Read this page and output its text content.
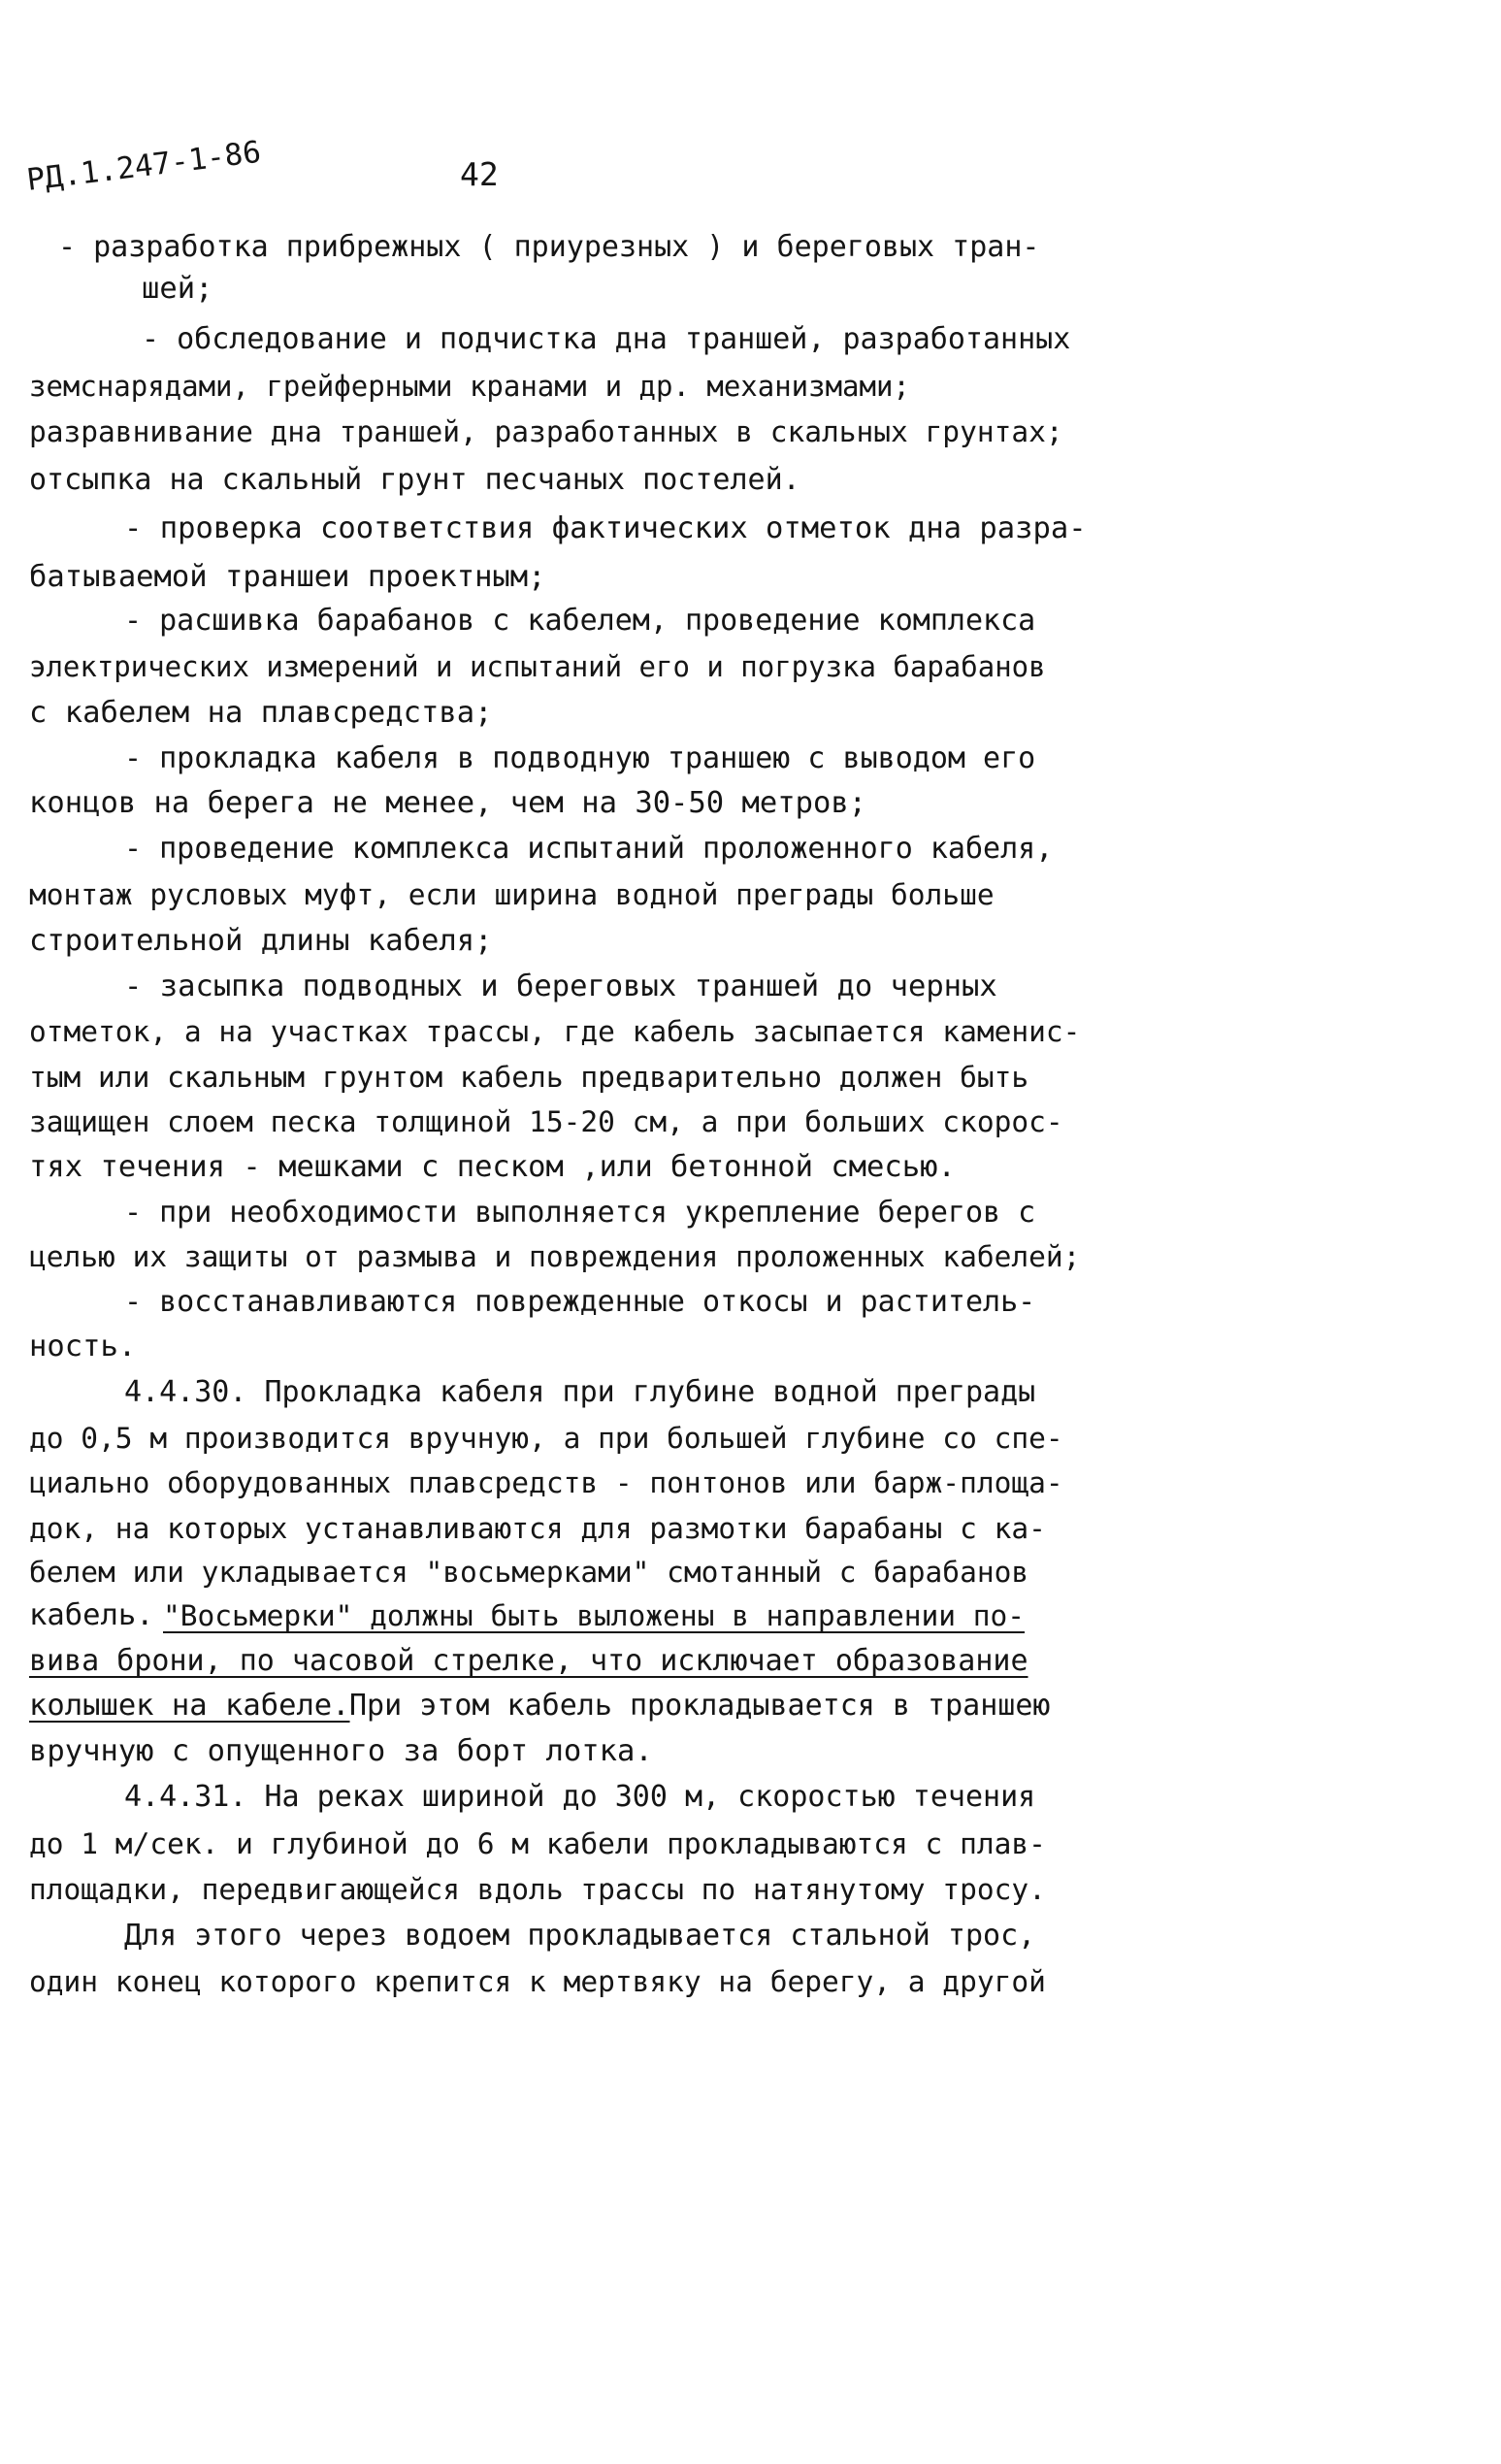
РД.1.247-1-86	42
- разработка прибрежных ( приурезных ) и береговых тран-
шей;
- обследование и подчистка дна траншей, разработанных
земснарядами, грейферными кранами и др. механизмами;
разравнивание дна траншей, разработанных в скальных грунтах;
отсыпка на скальный грунт песчаных постелей.
- проверка соответствия фактических отметок дна разра-
батываемой траншеи проектным;
- расшивка барабанов с кабелем, проведение комплекса
электрических измерений и испытаний его и погрузка барабанов
с кабелем на плавсредства;
- прокладка кабеля в подводную траншею с выводом его
концов на берега не менее, чем на 30-50 метров;
- проведение комплекса испытаний проложенного кабеля,
монтаж русловых муфт, если ширина водной преграды больше
строительной длины кабеля;
- засыпка подводных и береговых траншей до черных
отметок, а на участках трассы, где кабель засыпается каменис-
тым или скальным грунтом кабель предварительно должен быть
защищен слоем песка толщиной 15-20 см, а при больших скорос-
тях течения - мешками с песком ,или бетонной смесью.
- при необходимости выполняется укрепление берегов с
целью их защиты от размыва и повреждения проложенных кабелей;
- восстанавливаются поврежденные откосы и раститель-
ность.
4.4.30. Прокладка кабеля при глубине водной преграды
до 0,5 м производится вручную, а при большей глубине со спе-
циально оборудованных плавсредств - понтонов или барж-площа-
док, на которых устанавливаются для размотки барабаны с ка-
белем или укладывается "восьмерками" смотанный с барабанов
кабель. "Восьмерки" должны быть выложены в направлении по-
вива брони, по часовой стрелке, что исключает образование
колышек на кабеле. При этом кабель прокладывается в траншею
вручную с опущенного за борт лотка.
4.4.31. На реках шириной до 300 м, скоростью течения
до 1 м/сек. и глубиной до 6 м кабели прокладываются с плав-
площадки, передвигающейся вдоль трассы по натянутому тросу.
Для этого через водоем прокладывается стальной трос,
один конец которого крепится к мертвяку на берегу, а другой
